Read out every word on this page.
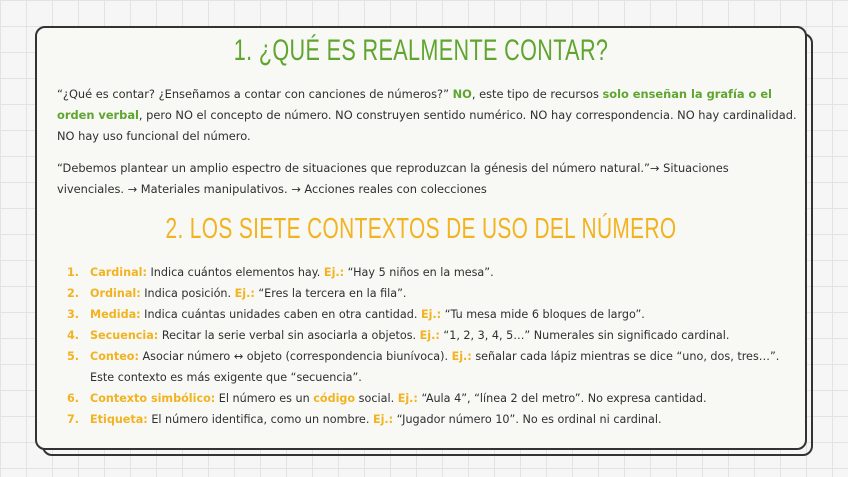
1. ¿QUÉ ES REALMENTE CONTAR?
“¿Qué es contar? ¿Enseñamos a contar con canciones de números?” NO, este tipo de recursos solo enseñan la grafía o el orden verbal, pero NO el concepto de número. NO construyen sentido numérico. NO hay correspondencia. NO hay cardinalidad. NO hay uso funcional del número.
“Debemos plantear un amplio espectro de situaciones que reproduzcan la génesis del número natural.”→ Situaciones vivenciales. → Materiales manipulativos. → Acciones reales con colecciones
2. LOS SIETE CONTEXTOS DE USO DEL NÚMERO
1. Cardinal: Indica cuántos elementos hay. Ej.: “Hay 5 niños en la mesa”.
2. Ordinal: Indica posición. Ej.: “Eres la tercera en la fila”.
3. Medida: Indica cuántas unidades caben en otra cantidad. Ej.: “Tu mesa mide 6 bloques de largo”.
4. Secuencia: Recitar la serie verbal sin asociarla a objetos. Ej.: “1, 2, 3, 4, 5…” Numerales sin significado cardinal.
5. Conteo: Asociar número ↔ objeto (correspondencia biunívoca). Ej.: señalar cada lápiz mientras se dice “uno, dos, tres…”. Este contexto es más exigente que “secuencia”.
6. Contexto simbólico: El número es un código social. Ej.: “Aula 4”, “línea 2 del metro”. No expresa cantidad.
7. Etiqueta: El número identifica, como un nombre. Ej.: “Jugador número 10”. No es ordinal ni cardinal.
